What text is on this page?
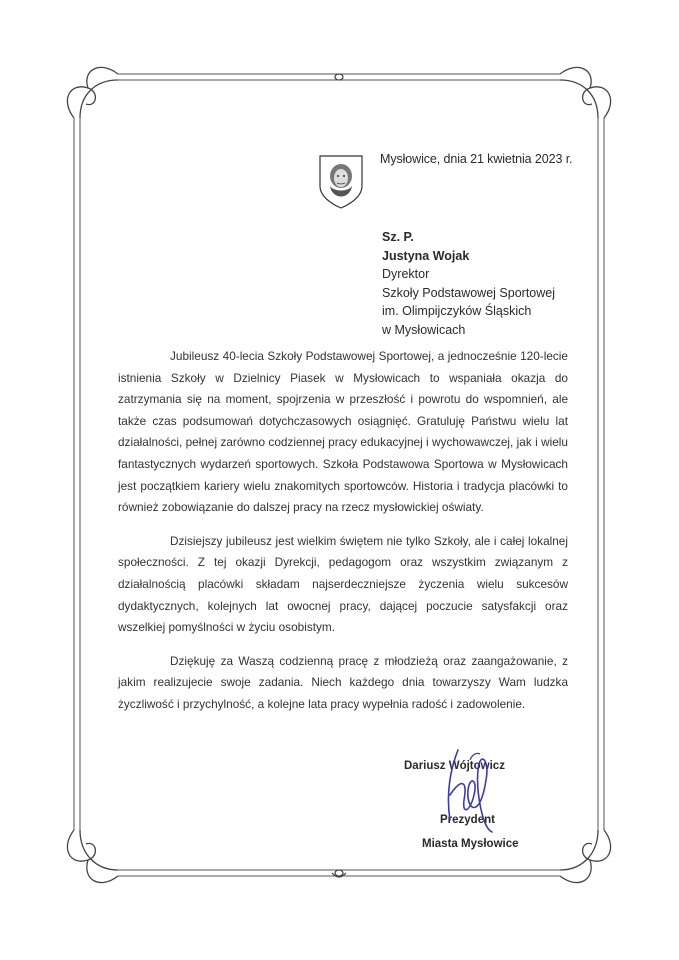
Mysłowice, dnia 21 kwietnia 2023 r.
Sz. P.
Justyna Wojak
Dyrektor
Szkoły Podstawowej Sportowej
im. Olimpijczyków Śląskich
w Mysłowicach

Jubileusz 40-lecia Szkoły Podstawowej Sportowej, a jednocześnie 120-lecie istnienia Szkoły w Dzielnicy Piasek w Mysłowicach to wspaniała okazja do zatrzymania się na moment, spojrzenia w przeszłość i powrotu do wspomnień, ale także czas podsumowań dotychczasowych osiągnięć. Gratuluję Państwu wielu lat działalności, pełnej zarówno codziennej pracy edukacyjnej i wychowawczej, jak i wielu fantastycznych wydarzeń sportowych. Szkoła Podstawowa Sportowa w Mysłowicach jest początkiem kariery wielu znakomitych sportowców. Historia i tradycja placówki to również zobowiązanie do dalszej pracy na rzecz mysłowickiej oświaty.

Dzisiejszy jubileusz jest wielkim świętem nie tylko Szkoły, ale i całej lokalnej społeczności. Z tej okazji Dyrekcji, pedagogom oraz wszystkim związanym z działalnością placówki składam najserdeczniejsze życzenia wielu sukcesów dydaktycznych, kolejnych lat owocnej pracy, dającej poczucie satysfakcji oraz wszelkiej pomyślności w życiu osobistym.

Dziękuję za Waszą codzienną pracę z młodzieżą oraz zaangażowanie, z jakim realizujecie swoje zadania. Niech każdego dnia towarzyszy Wam ludzka życzliwość i przychylność, a kolejne lata pracy wypełnia radość i zadowolenie.

Dariusz Wójtowicz
Prezydent
Miasta Mysłowice
